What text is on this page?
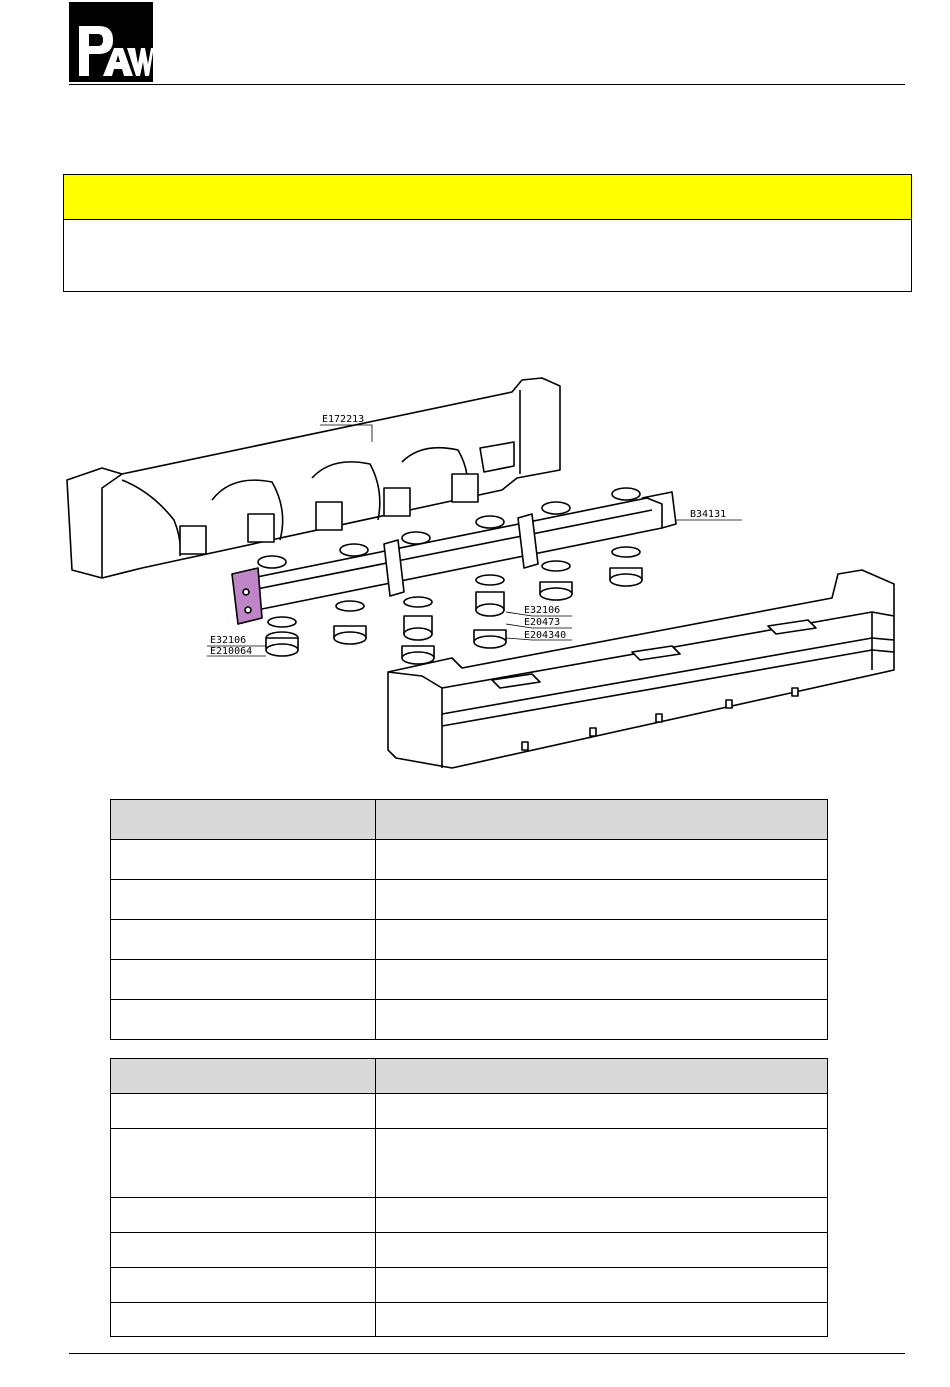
E172213
B34131
E32106
E20473
E204340
E32106
E210064
